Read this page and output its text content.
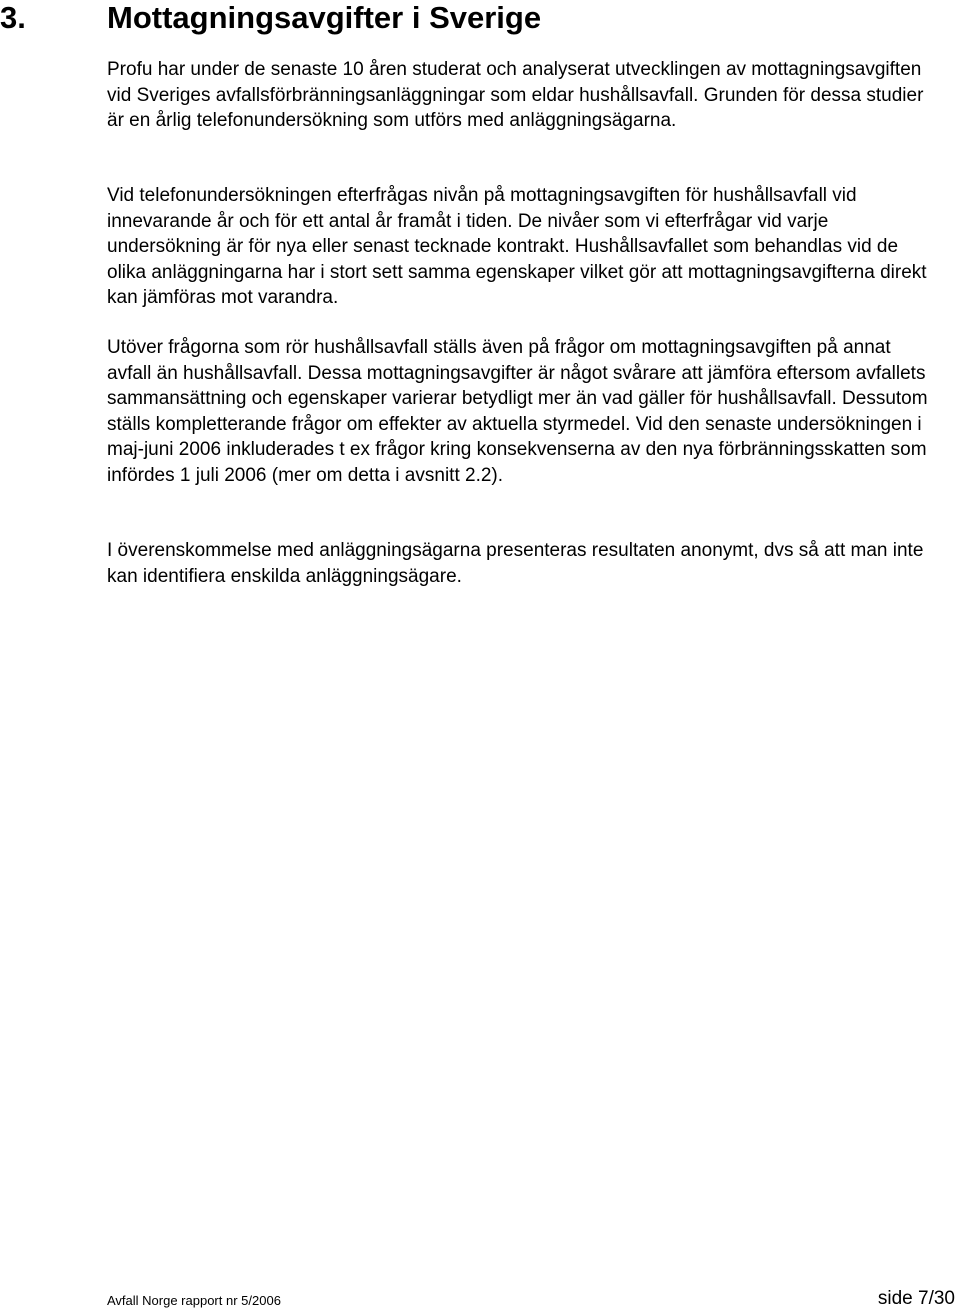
3.	Mottagningsavgifter i Sverige

Profu har under de senaste 10 åren studerat och analyserat utvecklingen av mottagningsavgiften vid Sveriges avfallsförbränningsanläggningar som eldar hushållsavfall. Grunden för dessa studier är en årlig telefonundersökning som utförs med anläggningsägarna.

Vid telefonundersökningen efterfrågas nivån på mottagningsavgiften för hushållsavfall vid innevarande år och för ett antal år framåt i tiden. De nivåer som vi efterfrågar vid varje undersökning är för nya eller senast tecknade kontrakt. Hushållsavfallet som behandlas vid de olika anläggningarna har i stort sett samma egenskaper vilket gör att mottagningsavgifterna direkt kan jämföras mot varandra.

Utöver frågorna som rör hushållsavfall ställs även på frågor om mottagningsavgiften på annat avfall än hushållsavfall. Dessa mottagningsavgifter är något svårare att jämföra eftersom avfallets sammansättning och egenskaper varierar betydligt mer än vad gäller för hushållsavfall. Dessutom ställs kompletterande frågor om effekter av aktuella styrmedel. Vid den senaste undersökningen i maj-juni 2006 inkluderades t ex frågor kring konsekvenserna av den nya förbränningsskatten som infördes 1 juli 2006 (mer om detta i avsnitt 2.2).

I överenskommelse med anläggningsägarna presenteras resultaten anonymt, dvs så att man inte kan identifiera enskilda anläggningsägare.

Avfall Norge rapport nr 5/2006	side 7/30
